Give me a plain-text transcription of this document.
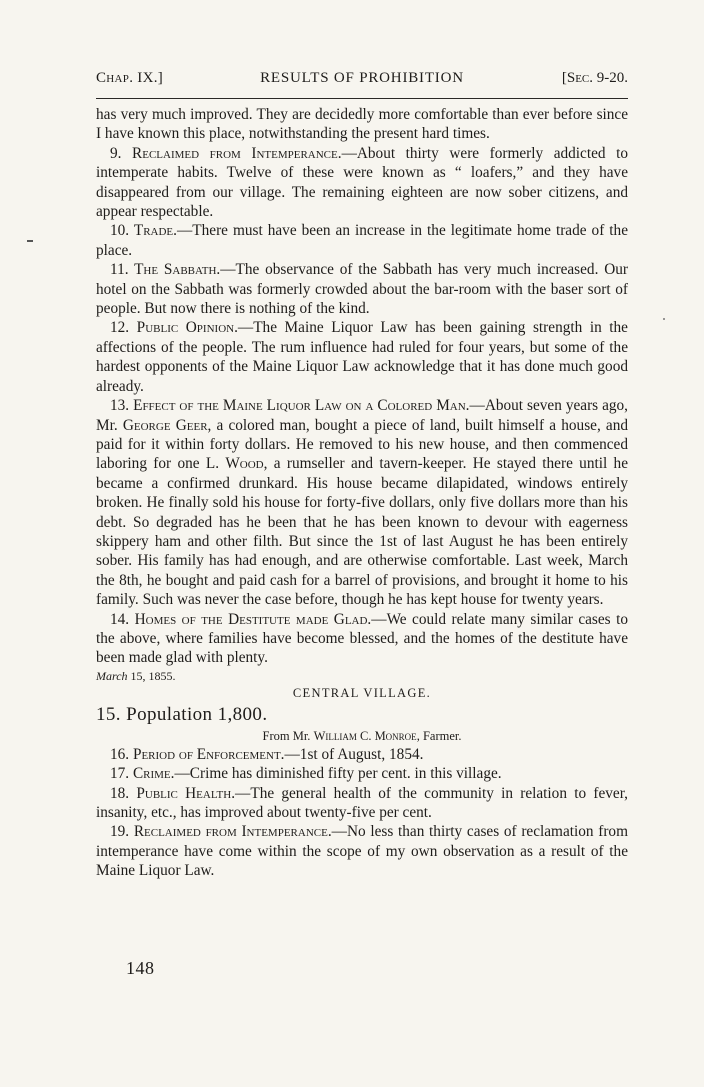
RESULTS OF PROHIBITION
Chap. IX.]	[Sec. 9-20.

has very much improved. They are decidedly more comfortable than ever before since I have known this place, notwithstanding the present hard times.

9. Reclaimed from Intemperance.—About thirty were formerly addicted to intemperate habits. Twelve of these were known as “ loafers,” and they have disappeared from our village. The remaining eighteen are now sober citizens, and appear respectable.

10. Trade.—There must have been an increase in the legitimate home trade of the place.

11. The Sabbath.—The observance of the Sabbath has very much increased. Our hotel on the Sabbath was formerly crowded about the bar-room with the baser sort of people. But now there is nothing of the kind.

12. Public Opinion.—The Maine Liquor Law has been gaining strength in the affections of the people. The rum influence had ruled for four years, but some of the hardest opponents of the Maine Liquor Law acknowledge that it has done much good already.

13. Effect of the Maine Liquor Law on a Colored Man.—About seven years ago, Mr. George Geer, a colored man, bought a piece of land, built himself a house, and paid for it within forty dollars. He removed to his new house, and then commenced laboring for one L. Wood, a rumseller and tavern-keeper. He stayed there until he became a confirmed drunkard. His house became dilapidated, windows entirely broken. He finally sold his house for forty-five dollars, only five dollars more than his debt. So degraded has he been that he has been known to devour with eagerness skippery ham and other filth. But since the 1st of last August he has been entirely sober. His family has had enough, and are otherwise comfortable. Last week, March the 8th, he bought and paid cash for a barrel of provisions, and brought it home to his family. Such was never the case before, though he has kept house for twenty years.

14. Homes of the Destitute made Glad.—We could relate many similar cases to the above, where families have become blessed, and the homes of the destitute have been made glad with plenty.

March 15, 1855.

CENTRAL VILLAGE.

15. Population 1,800.

From Mr. William C. Monroe, Farmer.

16. Period of Enforcement.—1st of August, 1854.

17. Crime.—Crime has diminished fifty per cent. in this village.

18. Public Health.—The general health of the community in relation to fever, insanity, etc., has improved about twenty-five per cent.

19. Reclaimed from Intemperance.—No less than thirty cases of reclamation from intemperance have come within the scope of my own observation as a result of the Maine Liquor Law.

148
